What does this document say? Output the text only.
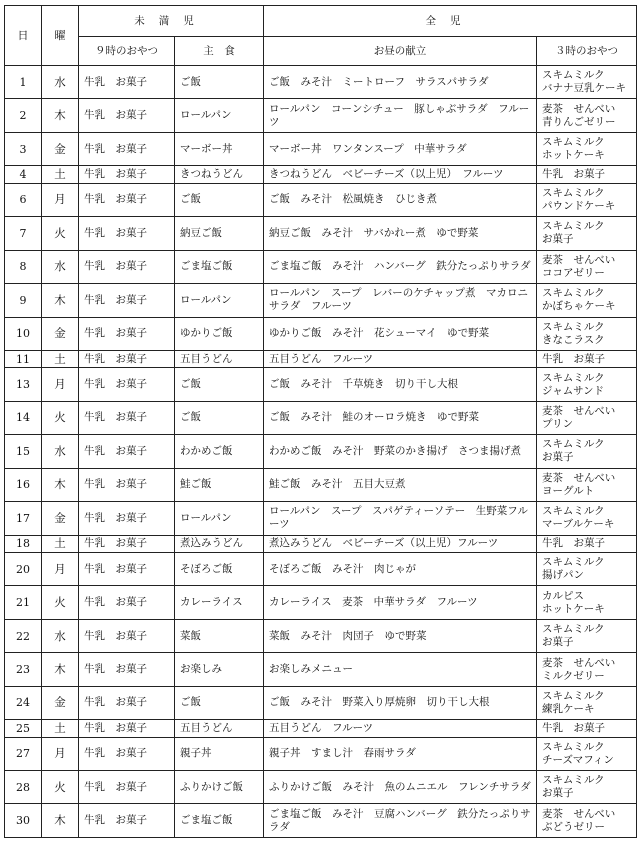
日	曜	未満児		全児	
		９時のおやつ	主　食	お昼の献立	３時のおやつ
1	水	牛乳　お菓子	ご飯	ご飯　みそ汁　ミートローフ　サラスパサラダ	スキムミルク
バナナ豆乳ケーキ
2	木	牛乳　お菓子	ロールパン	ロールパン　コーンシチュー　豚しゃぶサラダ　フルーツ	麦茶　せんべい
青りんごゼリー
3	金	牛乳　お菓子	マーボー丼	マーボー丼　ワンタンスープ　中華サラダ	スキムミルク
ホットケーキ
4	土	牛乳　お菓子	きつねうどん	きつねうどん　ベビーチーズ（以上児）　フルーツ	牛乳　お菓子
6	月	牛乳　お菓子	ご飯	ご飯　みそ汁　松風焼き　ひじき煮	スキムミルク
パウンドケーキ
7	火	牛乳　お菓子	納豆ご飯	納豆ご飯　みそ汁　サバかれー煮　ゆで野菜	スキムミルク
お菓子
8	水	牛乳　お菓子	ごま塩ご飯	ごま塩ご飯　みそ汁　ハンバーグ　鉄分たっぷりサラダ	麦茶　せんべい
ココアゼリー
9	木	牛乳　お菓子	ロールパン	ロールパン　スープ　レバーのケチャップ煮　マカロニサラダ　フルーツ	スキムミルク
かぼちゃケーキ
10	金	牛乳　お菓子	ゆかりご飯	ゆかりご飯　みそ汁　花シューマイ　ゆで野菜	スキムミルク
きなこラスク
11	土	牛乳　お菓子	五目うどん	五目うどん　フルーツ	牛乳　お菓子
13	月	牛乳　お菓子	ご飯	ご飯　みそ汁　千草焼き　切り干し大根	スキムミルク
ジャムサンド
14	火	牛乳　お菓子	ご飯	ご飯　みそ汁　鮭のオーロラ焼き　ゆで野菜	麦茶　せんべい
プリン
15	水	牛乳　お菓子	わかめご飯	わかめご飯　みそ汁　野菜のかき揚げ　さつま揚げ煮	スキムミルク
お菓子
16	木	牛乳　お菓子	鮭ご飯	鮭ご飯　みそ汁　五目大豆煮	麦茶　せんべい
ヨーグルト
17	金	牛乳　お菓子	ロールパン	ロールパン　スープ　スパゲティーソテー　生野菜フルーツ	スキムミルク
マーブルケーキ
18	土	牛乳　お菓子	煮込みうどん	煮込みうどん　ベビーチーズ（以上児）フルーツ	牛乳　お菓子
20	月	牛乳　お菓子	そぼろご飯	そぼろご飯　みそ汁　肉じゃが	スキムミルク
揚げパン
21	火	牛乳　お菓子	カレーライス	カレーライス　麦茶　中華サラダ　フルーツ	カルピス
ホットケーキ
22	水	牛乳　お菓子	菜飯	菜飯　みそ汁　肉団子　ゆで野菜	スキムミルク
お菓子
23	木	牛乳　お菓子	お楽しみ	お楽しみメニュー	麦茶　せんべい
ミルクゼリー
24	金	牛乳　お菓子	ご飯	ご飯　みそ汁　野菜入り厚焼卵　切り干し大根	スキムミルク
練乳ケーキ
25	土	牛乳　お菓子	五目うどん	五目うどん　フルーツ	牛乳　お菓子
27	月	牛乳　お菓子	親子丼	親子丼　すまし汁　春雨サラダ	スキムミルク
チーズマフィン
28	火	牛乳　お菓子	ふりかけご飯	ふりかけご飯　みそ汁　魚のムニエル　フレンチサラダ	スキムミルク
お菓子
30	木	牛乳　お菓子	ごま塩ご飯	ごま塩ご飯　みそ汁　豆腐ハンバーグ　鉄分たっぷりサラダ	麦茶　せんべい
ぶどうゼリー
